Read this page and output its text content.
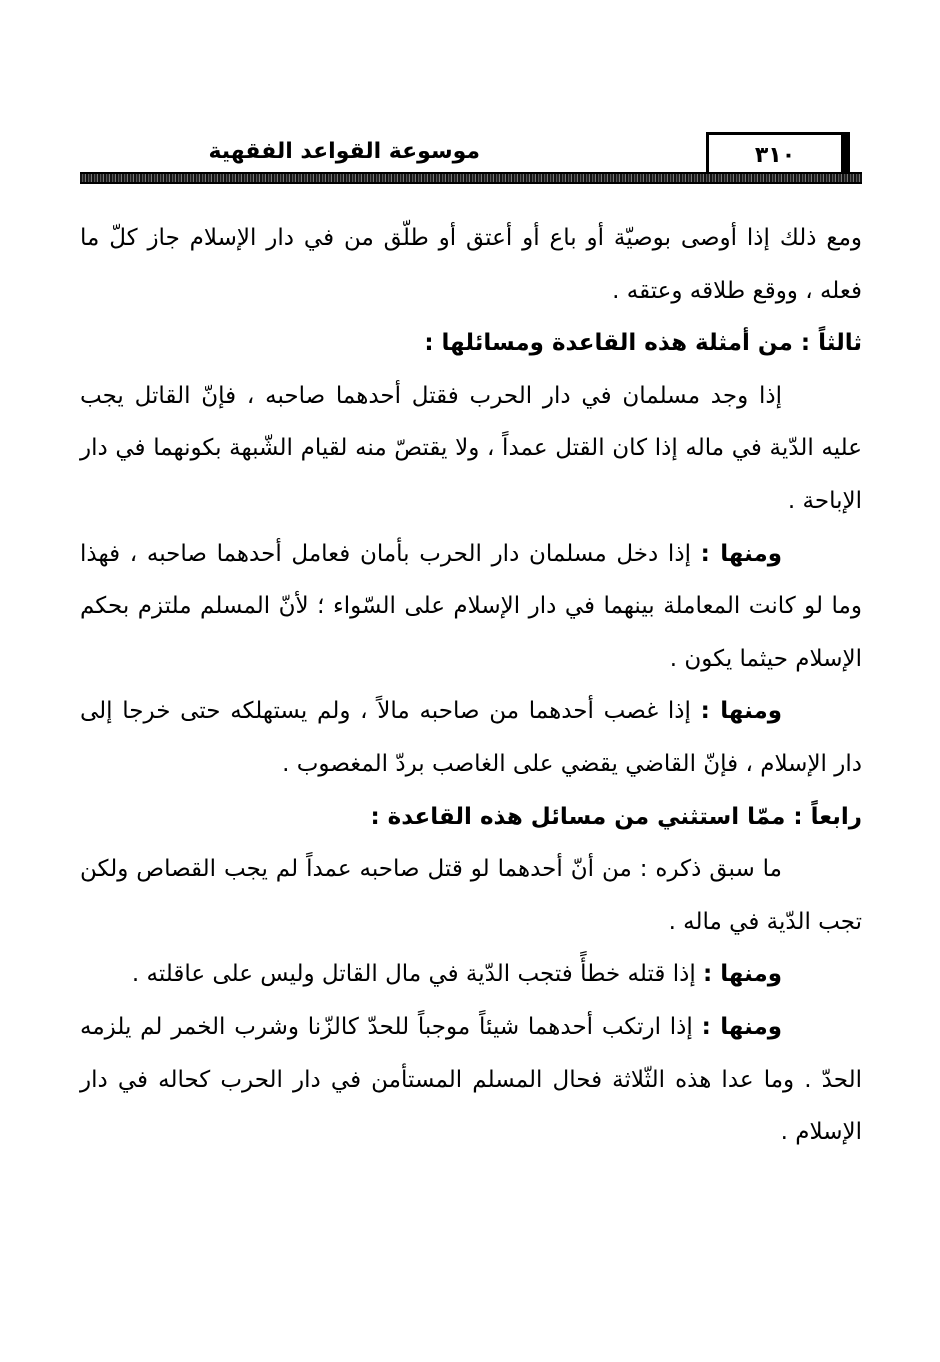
٣١٠
موسوعة القواعد الفقهية

ومع ذلك إذا أوصى بوصيّة أو باع أو أعتق أو طلّق من في دار الإسلام جاز كلّ ما فعله ، ووقع طلاقه وعتقه .

ثالثاً : من أمثلة هذه القاعدة ومسائلها :

إذا وجد مسلمان في دار الحرب فقتل أحدهما صاحبه ، فإنّ القاتل يجب عليه الدّية في ماله إذا كان القتل عمداً ، ولا يقتصّ منه لقيام الشّبهة بكونهما في دار الإباحة .

ومنها : إذا دخل مسلمان دار الحرب بأمان فعامل أحدهما صاحبه ، فهذا وما لو كانت المعاملة بينهما في دار الإسلام على السّواء ؛ لأنّ المسلم ملتزم بحكم الإسلام حيثما يكون .

ومنها : إذا غصب أحدهما من صاحبه مالاً ، ولم يستهلكه حتى خرجا إلى دار الإسلام ، فإنّ القاضي يقضي على الغاصب بردّ المغصوب .

رابعاً : ممّا استثني من مسائل هذه القاعدة :

ما سبق ذكره : من أنّ أحدهما لو قتل صاحبه عمداً لم يجب القصاص ولكن تجب الدّية في ماله .

ومنها : إذا قتله خطأً فتجب الدّية في مال القاتل وليس على عاقلته .

ومنها : إذا ارتكب أحدهما شيئاً موجباً للحدّ كالزّنا وشرب الخمر لم يلزمه الحدّ . وما عدا هذه الثّلاثة فحال المسلم المستأمن في دار الحرب كحاله في دار الإسلام .
